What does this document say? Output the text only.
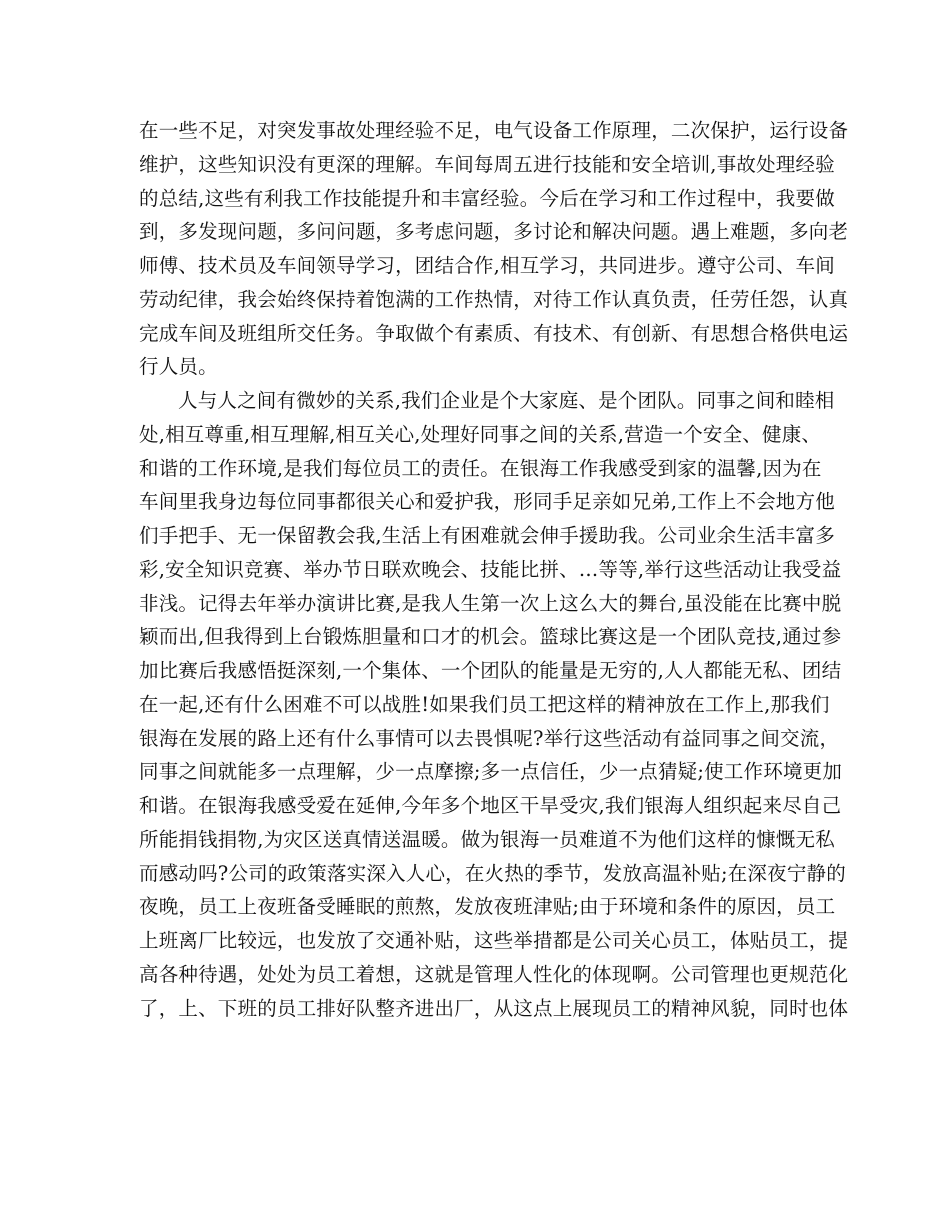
在一些不足，对突发事故处理经验不足，电气设备工作原理，二次保护，运行设备
维护，这些知识没有更深的理解。车间每周五进行技能和安全培训,事故处理经验
的总结,这些有利我工作技能提升和丰富经验。今后在学习和工作过程中，我要做
到，多发现问题，多问问题，多考虑问题，多讨论和解决问题。遇上难题，多向老
师傅、技术员及车间领导学习，团结合作,相互学习，共同进步。遵守公司、车间
劳动纪律，我会始终保持着饱满的工作热情，对待工作认真负责，任劳任怨，认真
完成车间及班组所交任务。争取做个有素质、有技术、有创新、有思想合格供电运
行人员。
人与人之间有微妙的关系,我们企业是个大家庭、是个团队。同事之间和睦相
处,相互尊重,相互理解,相互关心,处理好同事之间的关系,营造一个安全、健康、
和谐的工作环境,是我们每位员工的责任。在银海工作我感受到家的温馨,因为在
车间里我身边每位同事都很关心和爱护我，形同手足亲如兄弟,工作上不会地方他
们手把手、无一保留教会我,生活上有困难就会伸手援助我。公司业余生活丰富多
彩,安全知识竞赛、举办节日联欢晚会、技能比拼、…等等,举行这些活动让我受益
非浅。记得去年举办演讲比赛,是我人生第一次上这么大的舞台,虽没能在比赛中脱
颖而出,但我得到上台锻炼胆量和口才的机会。篮球比赛这是一个团队竞技,通过参
加比赛后我感悟挺深刻,一个集体、一个团队的能量是无穷的,人人都能无私、团结
在一起,还有什么困难不可以战胜!如果我们员工把这样的精神放在工作上,那我们
银海在发展的路上还有什么事情可以去畏惧呢?举行这些活动有益同事之间交流，
同事之间就能多一点理解，少一点摩擦;多一点信任，少一点猜疑;使工作环境更加
和谐。在银海我感受爱在延伸,今年多个地区干旱受灾,我们银海人组织起来尽自己
所能捐钱捐物,为灾区送真情送温暖。做为银海一员难道不为他们这样的慷慨无私
而感动吗?公司的政策落实深入人心，在火热的季节，发放高温补贴;在深夜宁静的
夜晚，员工上夜班备受睡眠的煎熬，发放夜班津贴;由于环境和条件的原因，员工
上班离厂比较远，也发放了交通补贴，这些举措都是公司关心员工，体贴员工，提
高各种待遇，处处为员工着想，这就是管理人性化的体现啊。公司管理也更规范化
了，上、下班的员工排好队整齐进出厂，从这点上展现员工的精神风貌，同时也体
